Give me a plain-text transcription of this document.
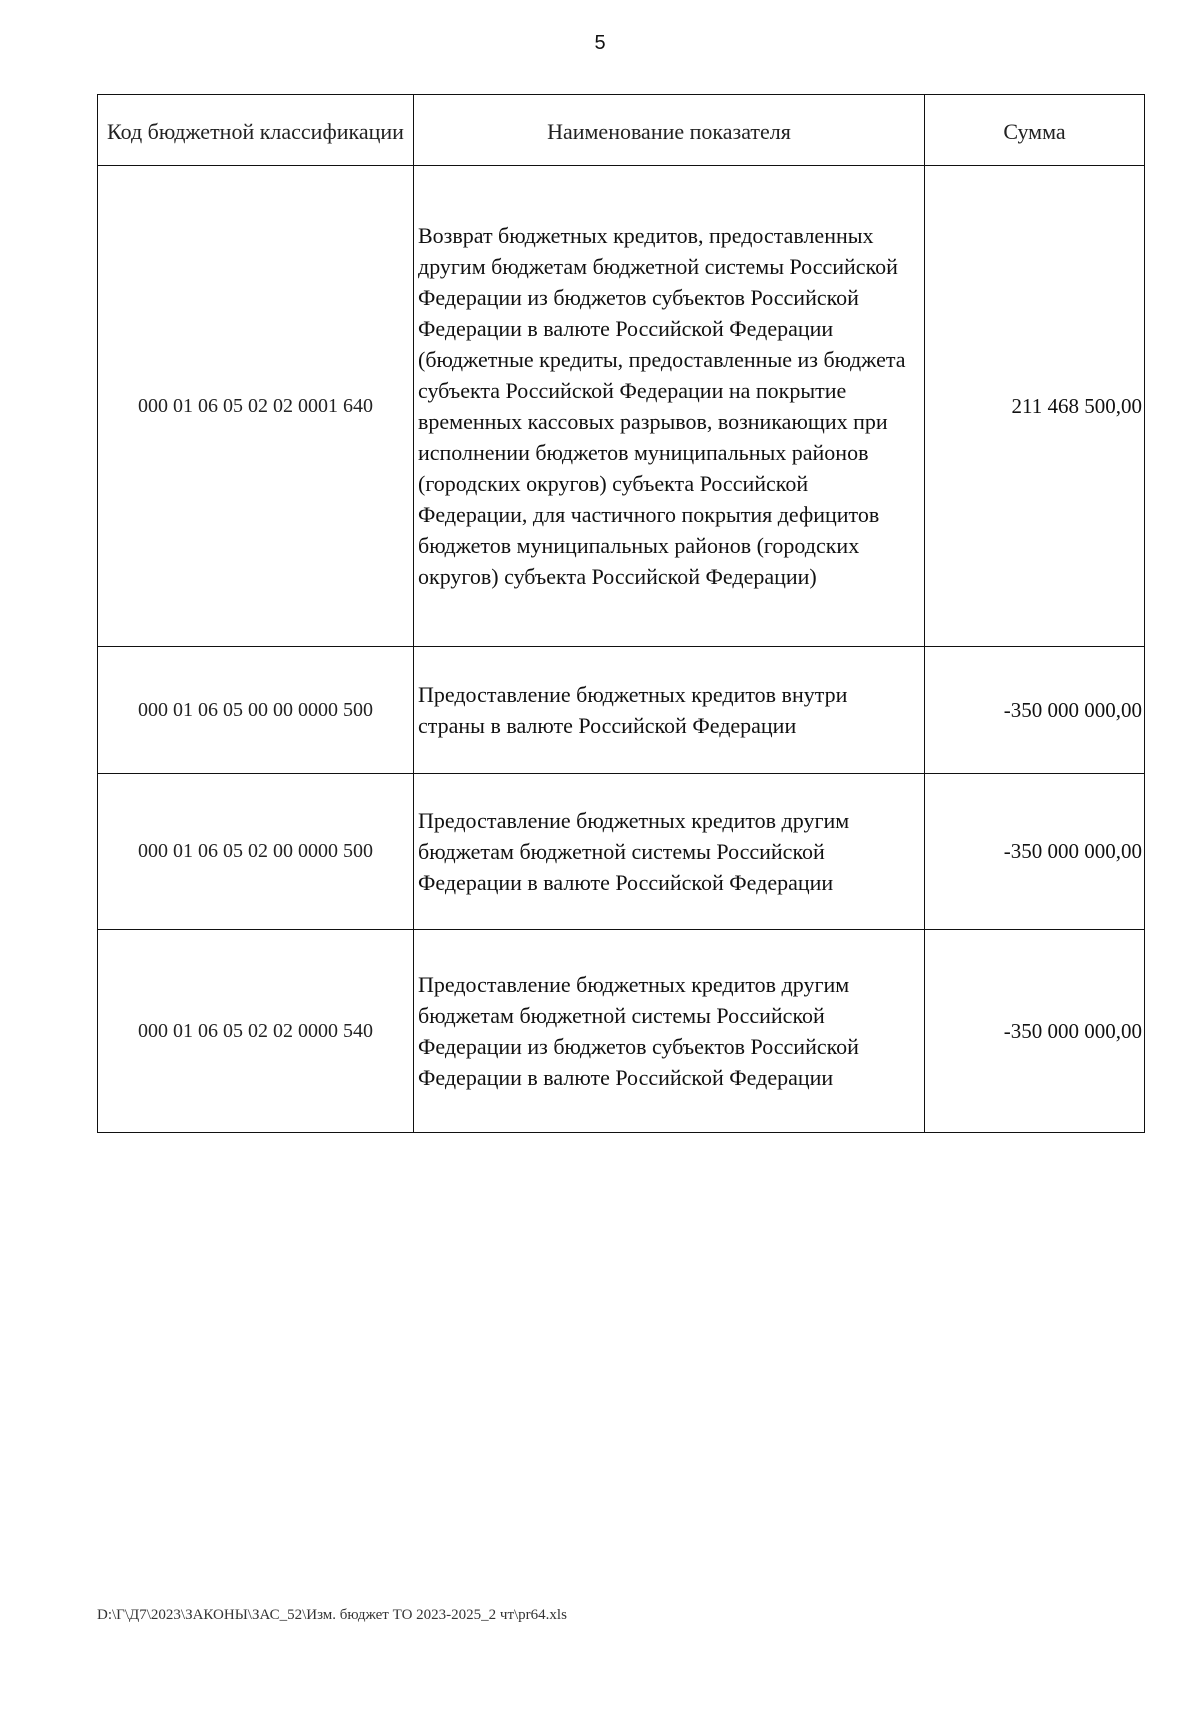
5
Код бюджетной классификации	Наименование показателя	Сумма
000 01 06 05 02 02 0001 640	Возврат бюджетных кредитов, предоставленных другим бюджетам бюджетной системы Российской Федерации из бюджетов субъектов Российской Федерации в валюте Российской Федерации (бюджетные кредиты, предоставленные из бюджета субъекта Российской Федерации на покрытие временных кассовых разрывов, возникающих при исполнении бюджетов муниципальных районов (городских округов) субъекта Российской Федерации, для частичного покрытия дефицитов бюджетов муниципальных районов (городских округов) субъекта Российской Федерации)	211 468 500,00
000 01 06 05 00 00 0000 500	Предоставление бюджетных кредитов внутри страны в валюте Российской Федерации	-350 000 000,00
000 01 06 05 02 00 0000 500	Предоставление бюджетных кредитов другим бюджетам бюджетной системы Российской Федерации в валюте Российской Федерации	-350 000 000,00
000 01 06 05 02 02 0000 540	Предоставление бюджетных кредитов другим бюджетам бюджетной системы Российской Федерации из бюджетов субъектов Российской Федерации в валюте Российской Федерации	-350 000 000,00
D:\Г\Д7\2023\ЗАКОНЫ\ЗАС_52\Изм. бюджет ТО 2023-2025_2 чт\pr64.xls
